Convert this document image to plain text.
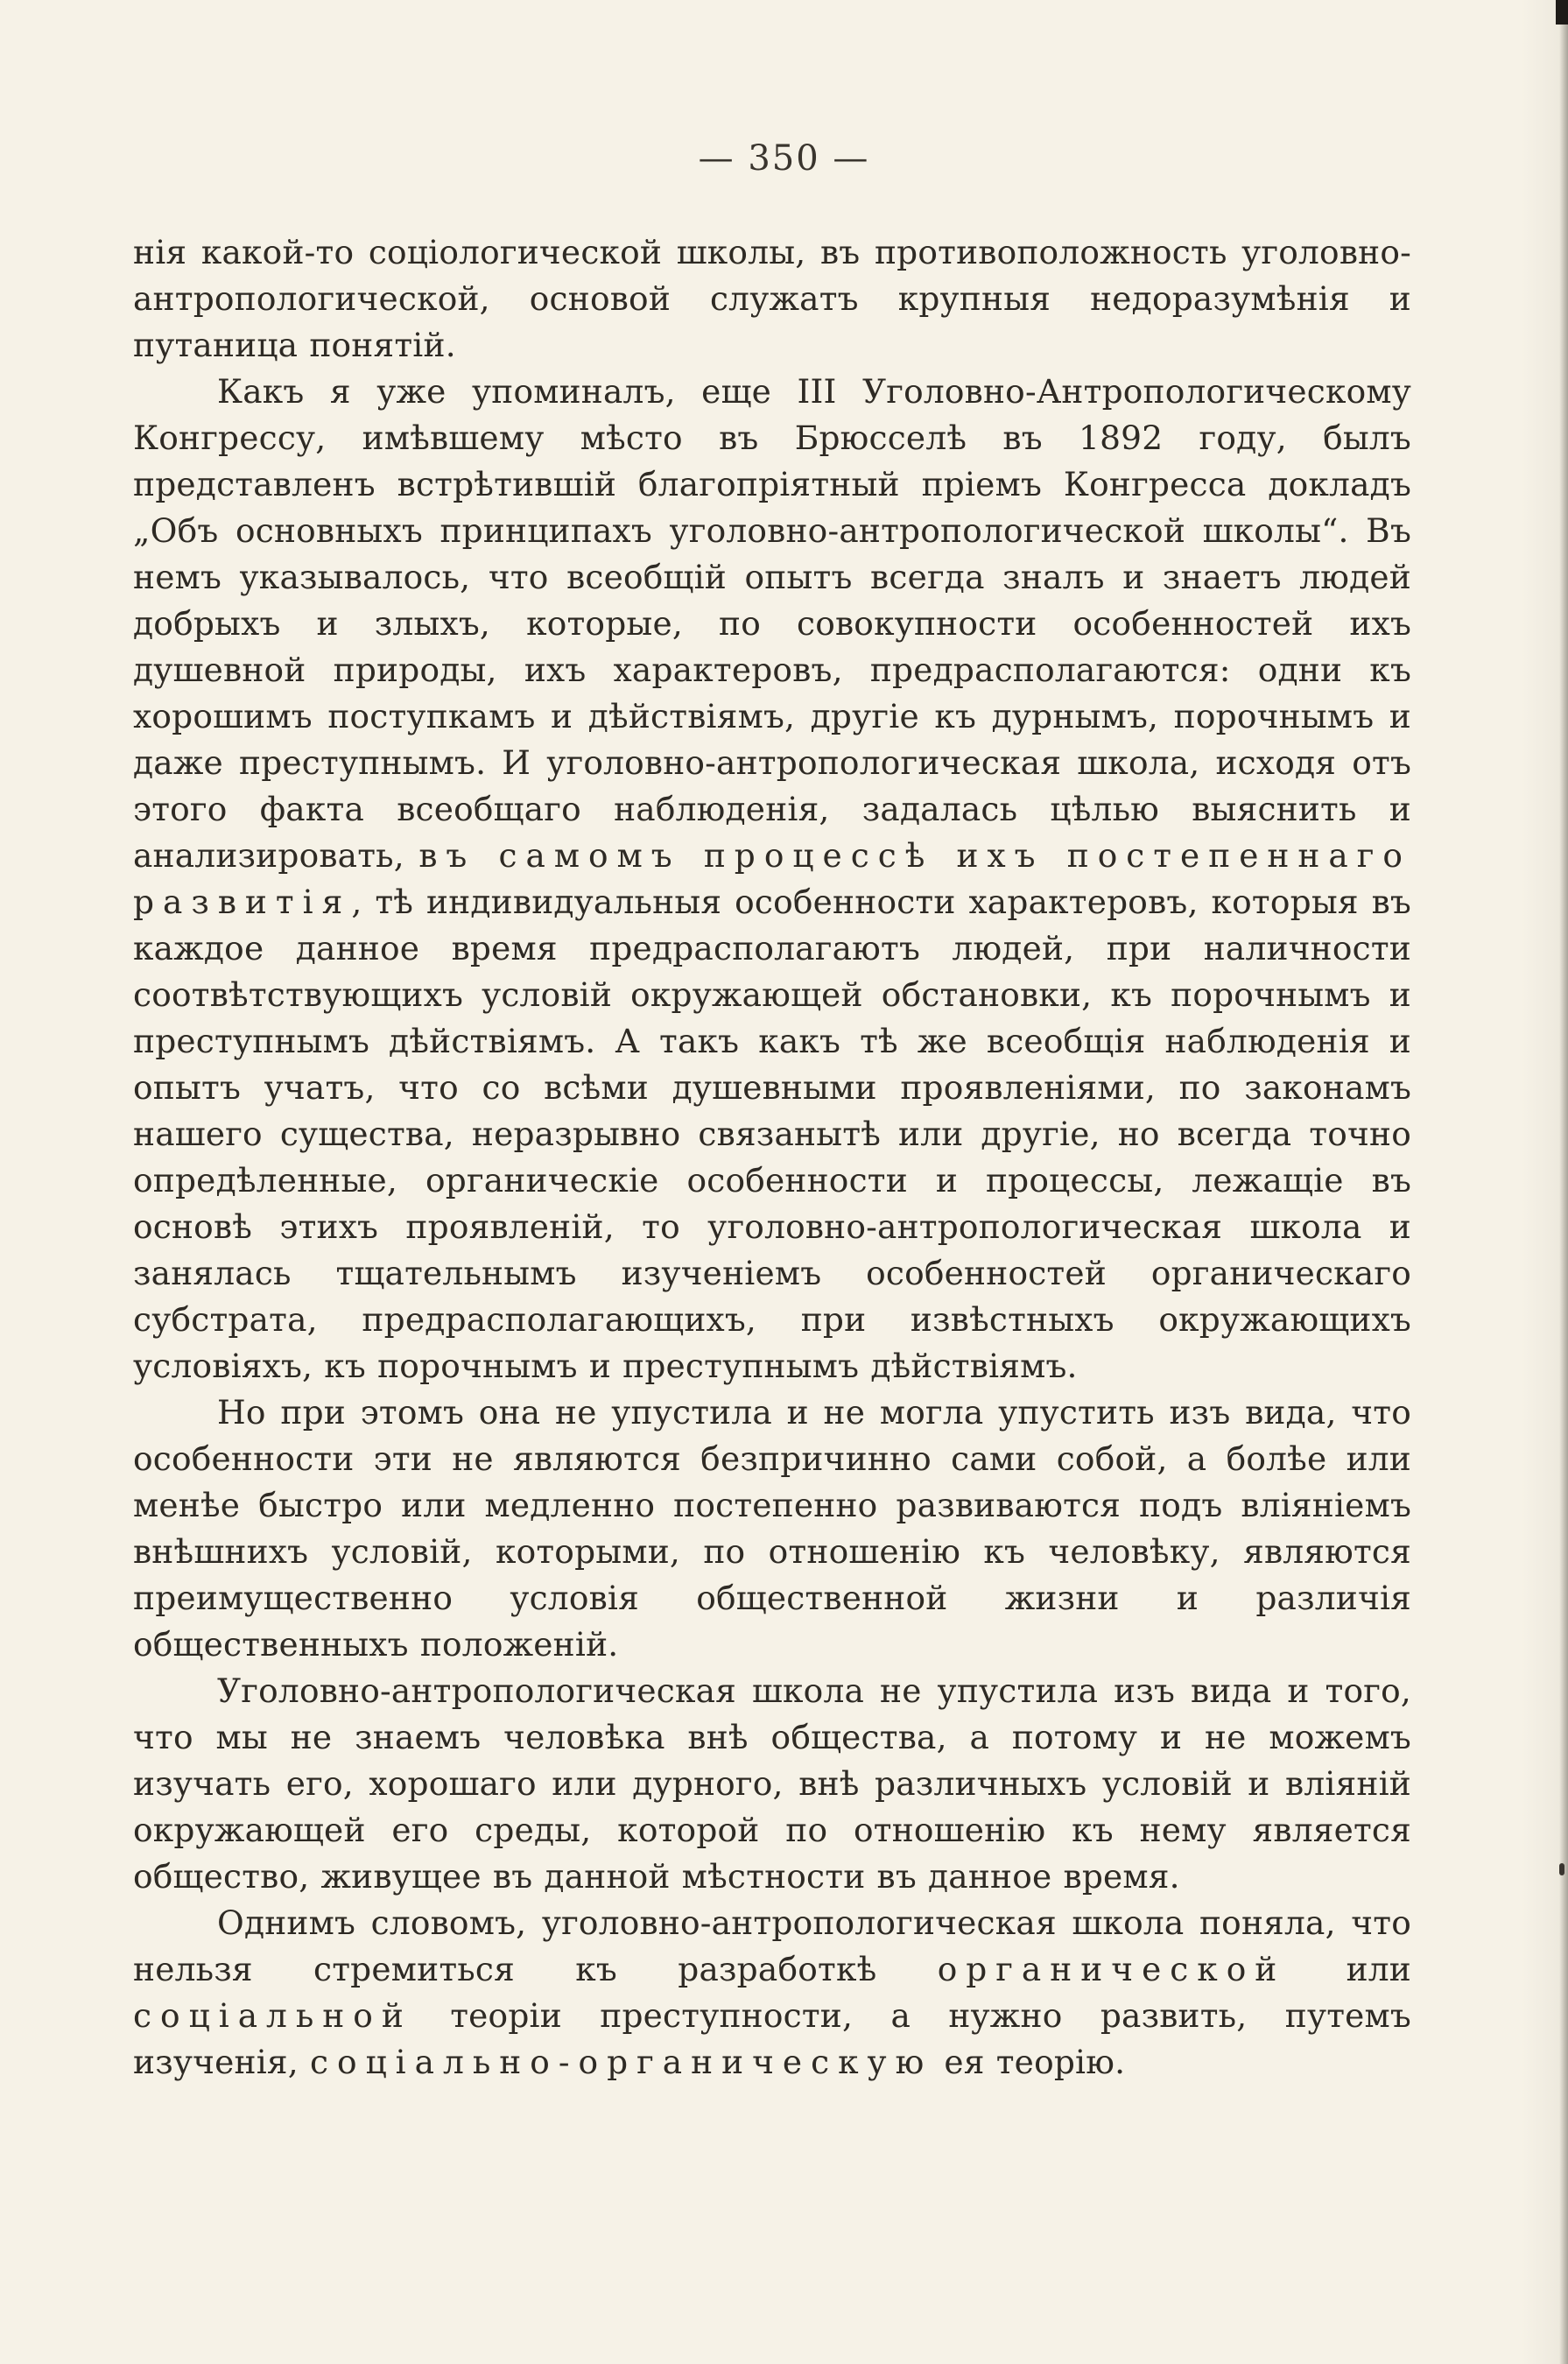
— 350 —

нія какой-то соціологической школы, въ противоположность уголовно-антропологической, основой служатъ крупныя недоразумѣнія и путаница понятій.

Какъ я уже упоминалъ, еще III Уголовно-Антропологическому Конгрессу, имѣвшему мѣсто въ Брюсселѣ въ 1892 году, былъ представленъ встрѣтившій благопріятный пріемъ Конгресса докладъ „Объ основныхъ принципахъ уголовно-антропологической школы“. Въ немъ указывалось, что всеобщій опытъ всегда зналъ и знаетъ людей добрыхъ и злыхъ, которые, по совокупности особенностей ихъ душевной природы, ихъ характеровъ, предрасполагаются: одни къ хорошимъ поступкамъ и дѣйствіямъ, другіе къ дурнымъ, порочнымъ и даже преступнымъ. И уголовно-антропологическая школа, исходя отъ этого факта всеобщаго наблюденія, задалась цѣлью выяснить и анализировать, въ самомъ процессѣ ихъ постепеннаго развитія, тѣ индивидуальныя особенности характеровъ, которыя въ каждое данное время предрасполагаютъ людей, при наличности соотвѣтствующихъ условій окружающей обстановки, къ порочнымъ и преступнымъ дѣйствіямъ. А такъ какъ тѣ же всеобщія наблюденія и опытъ учатъ, что со всѣми душевными проявленіями, по законамъ нашего существа, неразрывно связанытѣ или другіе, но всегда точно опредѣленные, органическіе особенности и процессы, лежащіе въ основѣ этихъ проявленій, то уголовно-антропологическая школа и занялась тщательнымъ изученіемъ особенностей органическаго субстрата, предрасполагающихъ, при извѣстныхъ окружающихъ условіяхъ, къ порочнымъ и преступнымъ дѣйствіямъ.

Но при этомъ она не упустила и не могла упустить изъ вида, что особенности эти не являются безпричинно сами собой, а болѣе или менѣе быстро или медленно постепенно развиваются подъ вліяніемъ внѣшнихъ условій, которыми, по отношенію къ человѣку, являются преимущественно условія общественной жизни и различія общественныхъ положеній.

Уголовно-антропологическая школа не упустила изъ вида и того, что мы не знаемъ человѣка внѣ общества, а потому и не можемъ изучать его, хорошаго или дурного, внѣ различныхъ условій и вліяній окружающей его среды, которой по отношенію къ нему является общество, живущее въ данной мѣстности въ данное время.

Однимъ словомъ, уголовно-антропологическая школа поняла, что нельзя стремиться къ разработкѣ органической или соціальной теоріи преступности, а нужно развить, путемъ изученія, соціально-органическую ея теорію.
